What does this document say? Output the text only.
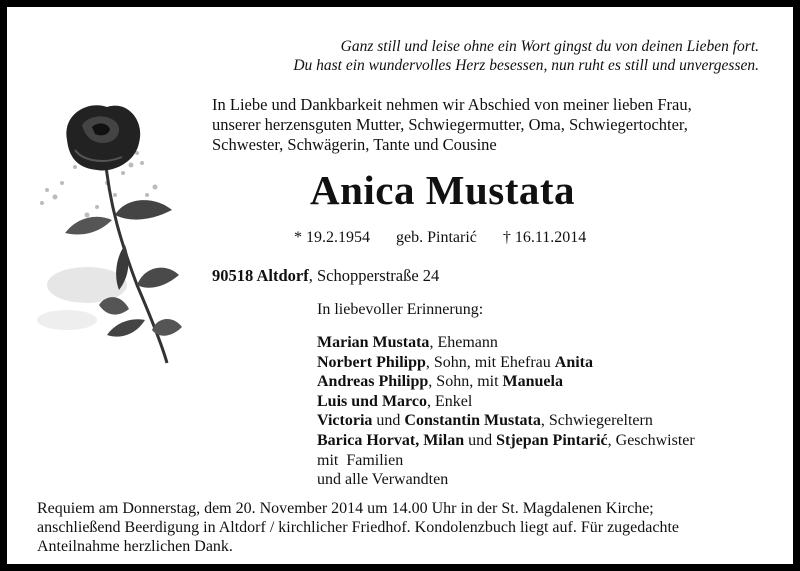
Ganz still und leise ohne ein Wort gingst du von deinen Lieben fort.
Du hast ein wundervolles Herz besessen, nun ruht es still und unvergessen.
In Liebe und Dankbarkeit nehmen wir Abschied von meiner lieben Frau,
unserer herzensguten Mutter, Schwiegermutter, Oma, Schwiegertochter,
Schwester, Schwägerin, Tante und Cousine
Anica Mustata
* 19.2.1954 geb. Pintarić † 16.11.2014
90518 Altdorf, Schopperstraße 24
In liebevoller Erinnerung:
Marian Mustata, Ehemann
Norbert Philipp, Sohn, mit Ehefrau Anita
Andreas Philipp, Sohn, mit Manuela
Luis und Marco, Enkel
Victoria und Constantin Mustata, Schwiegereltern
Barica Horvat, Milan und Stjepan Pintarić, Geschwister
mit  Familien
und alle Verwandten
Requiem am Donnerstag, dem 20. November 2014 um 14.00 Uhr in der St. Magdalenen Kirche;
anschließend Beerdigung in Altdorf / kirchlicher Friedhof. Kondolenzbuch liegt auf. Für zugedachte
Anteilnahme herzlichen Dank.
